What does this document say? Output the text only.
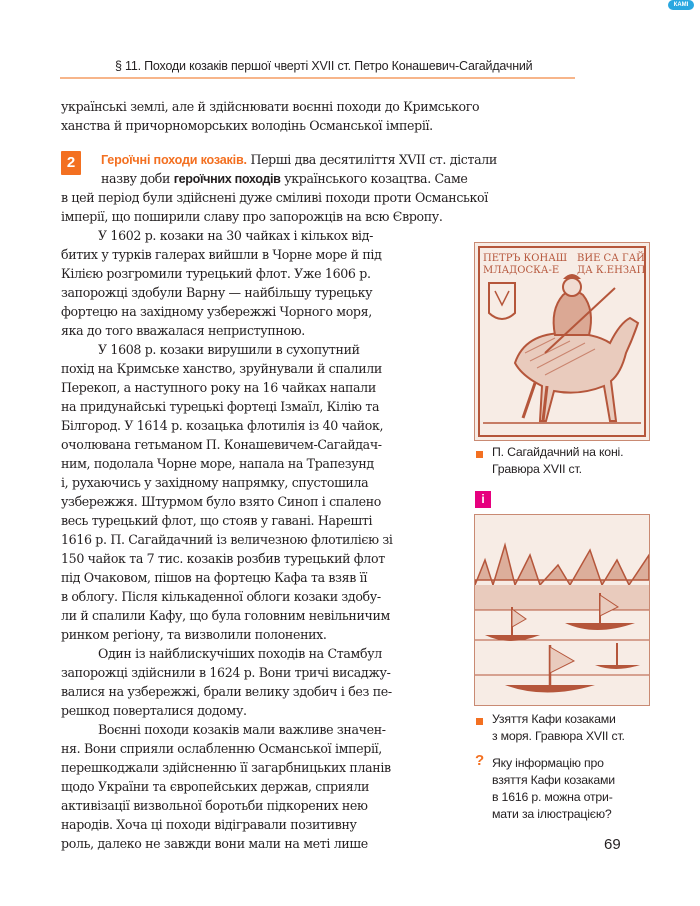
КАМІ
§ 11. Походи козаків першої чверті XVII ст. Петро Конашевич-Сагайдачний
українські землі, але й здійснювати воєнні походи до Кримського
ханства й причорноморських володінь Османської імперії.
2	Героїчні походи козаків. Перші два десятиліття XVII ст. дістали
назву доби героїчних походів українського козацтва. Саме
в цей період були здійснені дуже сміливі походи проти Османської
імперії, що поширили славу про запорожців на всю Європу.
У 1602 р. козаки на 30 чайках і кількох від-
битих у турків галерах вийшли в Чорне море й під
Кілією розгромили турецький флот. Уже 1606 р.
запорожці здобули Варну — найбільшу турецьку
фортецю на західному узбережжі Чорного моря,
яка до того вважалася неприступною.
У 1608 р. козаки вирушили в сухопутний
похід на Кримське ханство, зруйнували й спалили
Перекоп, а наступного року на 16 чайках напали
на придунайські турецькі фортеці Ізмаїл, Кілію та
Білгород. У 1614 р. козацька флотилія із 40 чайок,
очолювана гетьманом П. Конашевичем-Сагайдач-
ним, подолала Чорне море, напала на Трапезунд
і, рухаючись у західному напрямку, спустошила
узбережжя. Штурмом було взято Синоп і спалено
весь турецький флот, що стояв у гавані. Нарешті
1616 р. П. Сагайдачний із величезною флотилією зі
150 чайок та 7 тис. козаків розбив турецький флот
під Очаковом, пішов на фортецю Кафа та взяв її
в облогу. Після кількаденної облоги козаки здобу-
ли й спалили Кафу, що була головним невільничим
ринком регіону, та визволили полонених.
Один із найблискучіших походів на Стамбул
запорожці здійснили в 1624 р. Вони тричі висаджу-
валися на узбережжі, брали велику здобич і без пе-
решкод поверталися додому.
Воєнні походи козаків мали важливе значен-
ня. Вони сприяли ослабленню Османської імперії,
перешкоджали здійсненню її загарбницьких планів
щодо України та європейських держав, сприяли
активізації визвольної боротьби підкорених нею
народів. Хоча ці походи відігравали позитивну
роль, далеко не завжди вони мали на меті лише
ПЕТРЪ КОНАШ
МЛАДОСКА-Е
ВИЕ СА ГАЙ
ДА К.ЕНЗАП
П. Сагайдачний на коні.
Гравюра XVII ст.
i
Узяття Кафи козаками
з моря. Гравюра XVII ст.
? Яку інформацію про
взяття Кафи козаками
в 1616 р. можна отри-
мати за ілюстрацією?
69
